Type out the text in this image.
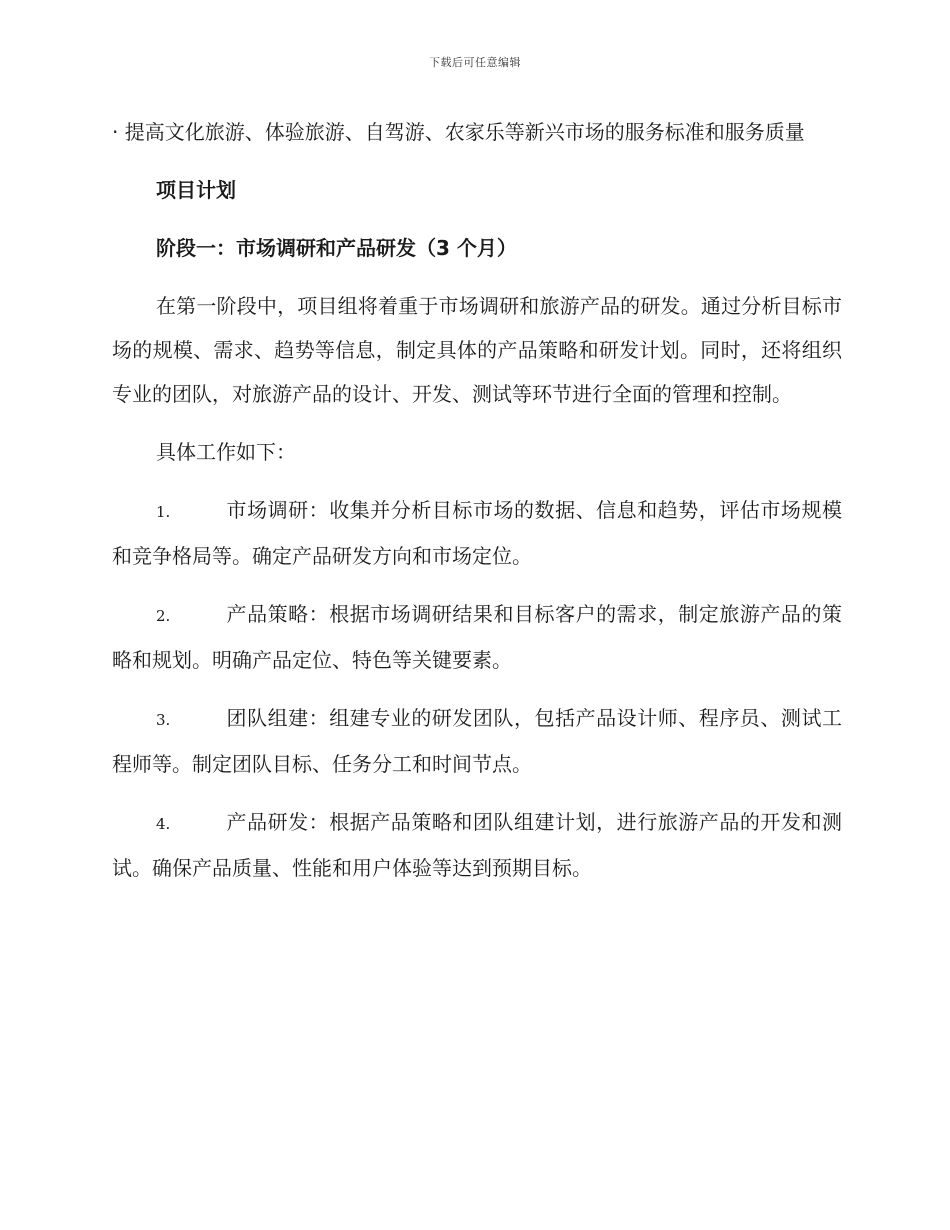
下载后可任意编辑

· 提高文化旅游、体验旅游、自驾游、农家乐等新兴市场的服务标准和服务质量

项目计划

阶段一：市场调研和产品研发（3 个月）

在第一阶段中，项目组将着重于市场调研和旅游产品的研发。通过分析目标市场的规模、需求、趋势等信息，制定具体的产品策略和研发计划。同时，还将组织专业的团队，对旅游产品的设计、开发、测试等环节进行全面的管理和控制。

具体工作如下：

1.	市场调研：收集并分析目标市场的数据、信息和趋势，评估市场规模和竞争格局等。确定产品研发方向和市场定位。
2.	产品策略：根据市场调研结果和目标客户的需求，制定旅游产品的策略和规划。明确产品定位、特色等关键要素。
3.	团队组建：组建专业的研发团队，包括产品设计师、程序员、测试工程师等。制定团队目标、任务分工和时间节点。
4.	产品研发：根据产品策略和团队组建计划，进行旅游产品的开发和测试。确保产品质量、性能和用户体验等达到预期目标。
